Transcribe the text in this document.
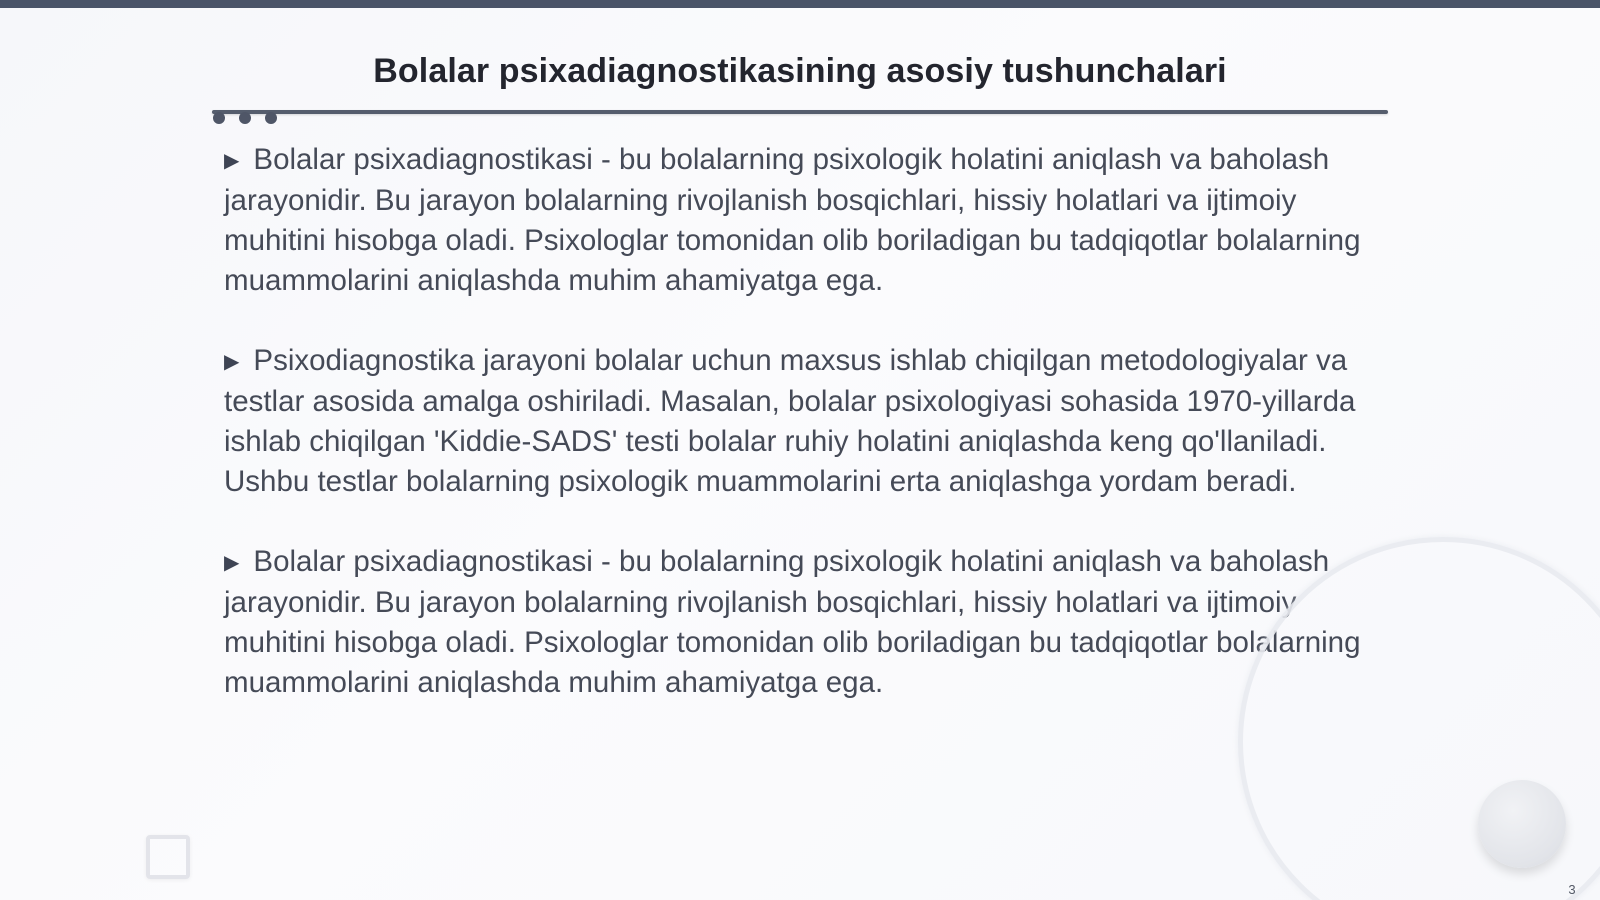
Bolalar psixadiagnostikasining asosiy tushunchalari

▶ Bolalar psixadiagnostikasi - bu bolalarning psixologik holatini aniqlash va baholash jarayonidir. Bu jarayon bolalarning rivojlanish bosqichlari, hissiy holatlari va ijtimoiy muhitini hisobga oladi. Psixologlar tomonidan olib boriladigan bu tadqiqotlar bolalarning muammolarini aniqlashda muhim ahamiyatga ega.

▶ Psixodiagnostika jarayoni bolalar uchun maxsus ishlab chiqilgan metodologiyalar va testlar asosida amalga oshiriladi. Masalan, bolalar psixologiyasi sohasida 1970-yillarda ishlab chiqilgan 'Kiddie-SADS' testi bolalar ruhiy holatini aniqlashda keng qo'llaniladi. Ushbu testlar bolalarning psixologik muammolarini erta aniqlashga yordam beradi.

▶ Bolalar psixadiagnostikasi - bu bolalarning psixologik holatini aniqlash va baholash jarayonidir. Bu jarayon bolalarning rivojlanish bosqichlari, hissiy holatlari va ijtimoiy muhitini hisobga oladi. Psixologlar tomonidan olib boriladigan bu tadqiqotlar bolalarning muammolarini aniqlashda muhim ahamiyatga ega.

3
